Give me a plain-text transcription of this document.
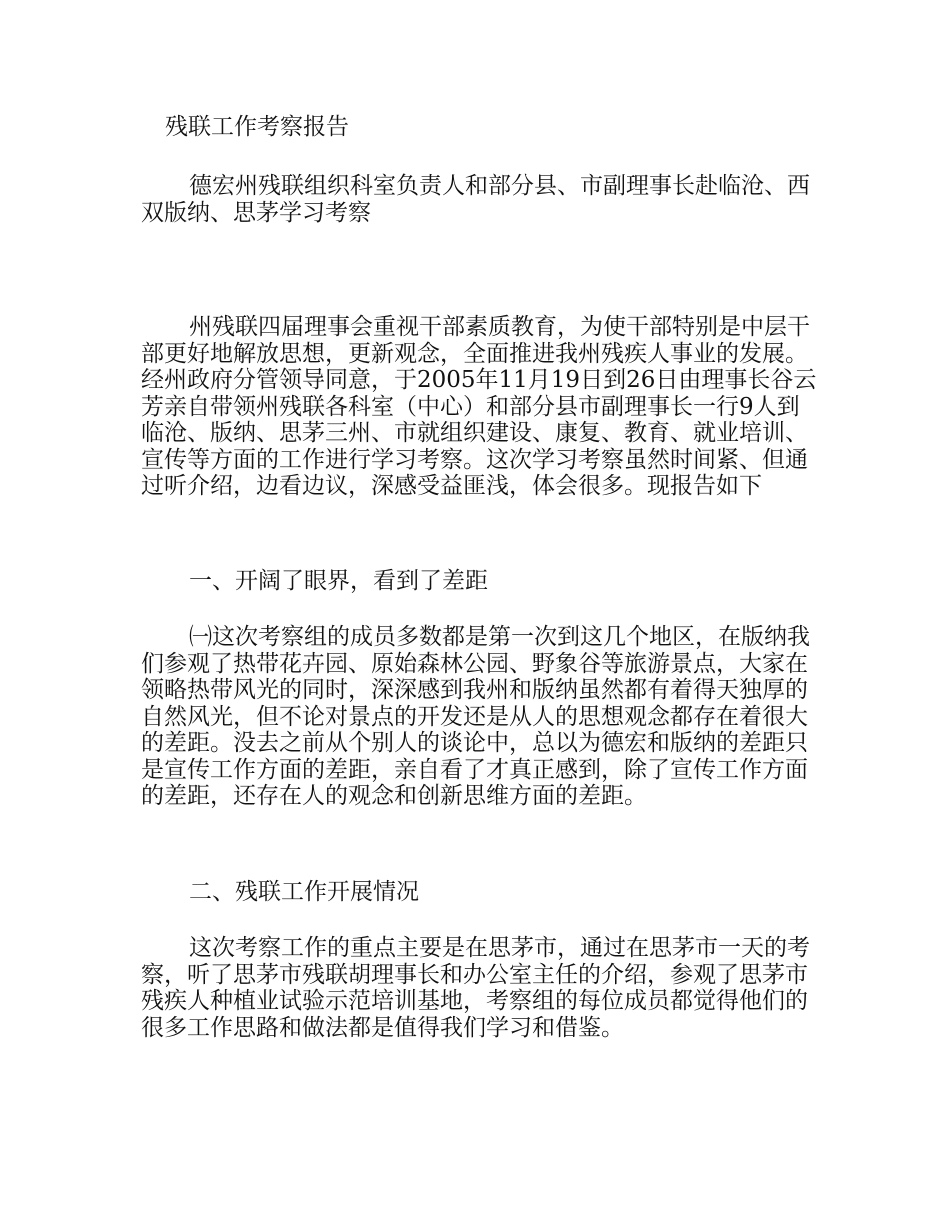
残联工作考察报告
德宏州残联组织科室负责人和部分县、市副理事长赴临沧、西双版纳、思茅学习考察
州残联四届理事会重视干部素质教育，为使干部特别是中层干部更好地解放思想，更新观念，全面推进我州残疾人事业的发展。经州政府分管领导同意，于2005年11月19日到26日由理事长谷云芳亲自带领州残联各科室（中心）和部分县市副理事长一行9人到临沧、版纳、思茅三州、市就组织建设、康复、教育、就业培训、宣传等方面的工作进行学习考察。这次学习考察虽然时间紧、但通过听介绍，边看边议，深感受益匪浅，体会很多。现报告如下
一、开阔了眼界，看到了差距
㈠这次考察组的成员多数都是第一次到这几个地区，在版纳我们参观了热带花卉园、原始森林公园、野象谷等旅游景点，大家在领略热带风光的同时，深深感到我州和版纳虽然都有着得天独厚的自然风光，但不论对景点的开发还是从人的思想观念都存在着很大的差距。没去之前从个别人的谈论中，总以为德宏和版纳的差距只是宣传工作方面的差距，亲自看了才真正感到，除了宣传工作方面的差距，还存在人的观念和创新思维方面的差距。
二、残联工作开展情况
这次考察工作的重点主要是在思茅市，通过在思茅市一天的考察，听了思茅市残联胡理事长和办公室主任的介绍，参观了思茅市残疾人种植业试验示范培训基地，考察组的每位成员都觉得他们的很多工作思路和做法都是值得我们学习和借鉴。
